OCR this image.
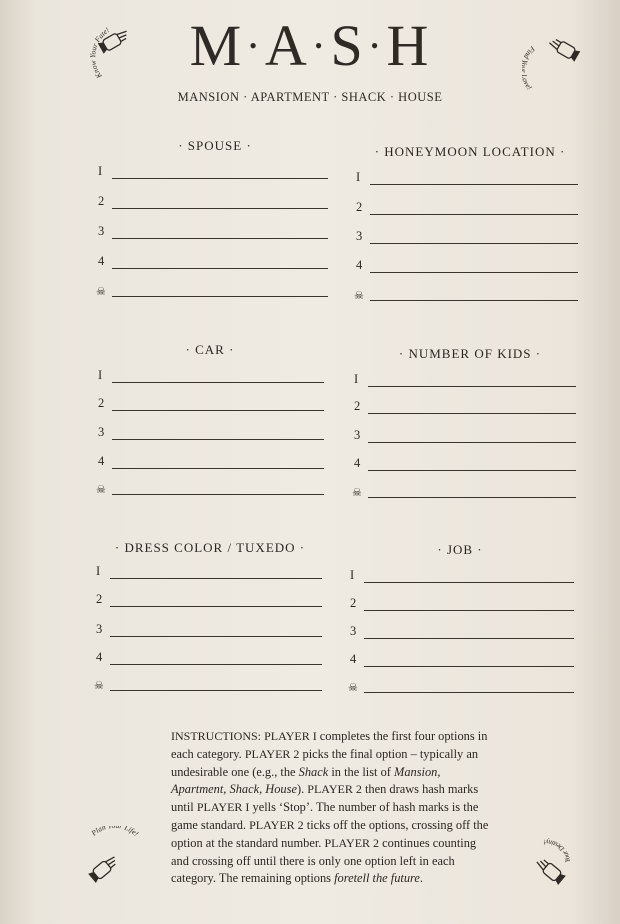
M • A • S • H
MANSION · APARTMENT · SHACK · HOUSE
Kno r Fate!
Find ve!
Plan Life!
Your Destiny!
· SPOUSE ·
I
2
3
4
☠
· HONEYMOON LOCATION ·
I
2
3
4
☠
· CAR ·
I
2
3
4
☠
· NUMBER OF KIDS ·
I
2
3
4
☠
· DRESS COLOR / TUXEDO ·
I
2
3
4
☠
· JOB ·
I
2
3
4
☠
INSTRUCTIONS: PLAYER I completes the first four options in each category. PLAYER 2 picks the final option – typically an undesirable one (e.g., the Shack in the list of Mansion, Apartment, Shack, House). PLAYER 2 then draws hash marks until PLAYER I yells ‘Stop’. The number of hash marks is the game standard. PLAYER 2 ticks off the options, crossing off the option at the standard number. PLAYER 2 continues counting and crossing off until there is only one option left in each category. The remaining options foretell the future.
